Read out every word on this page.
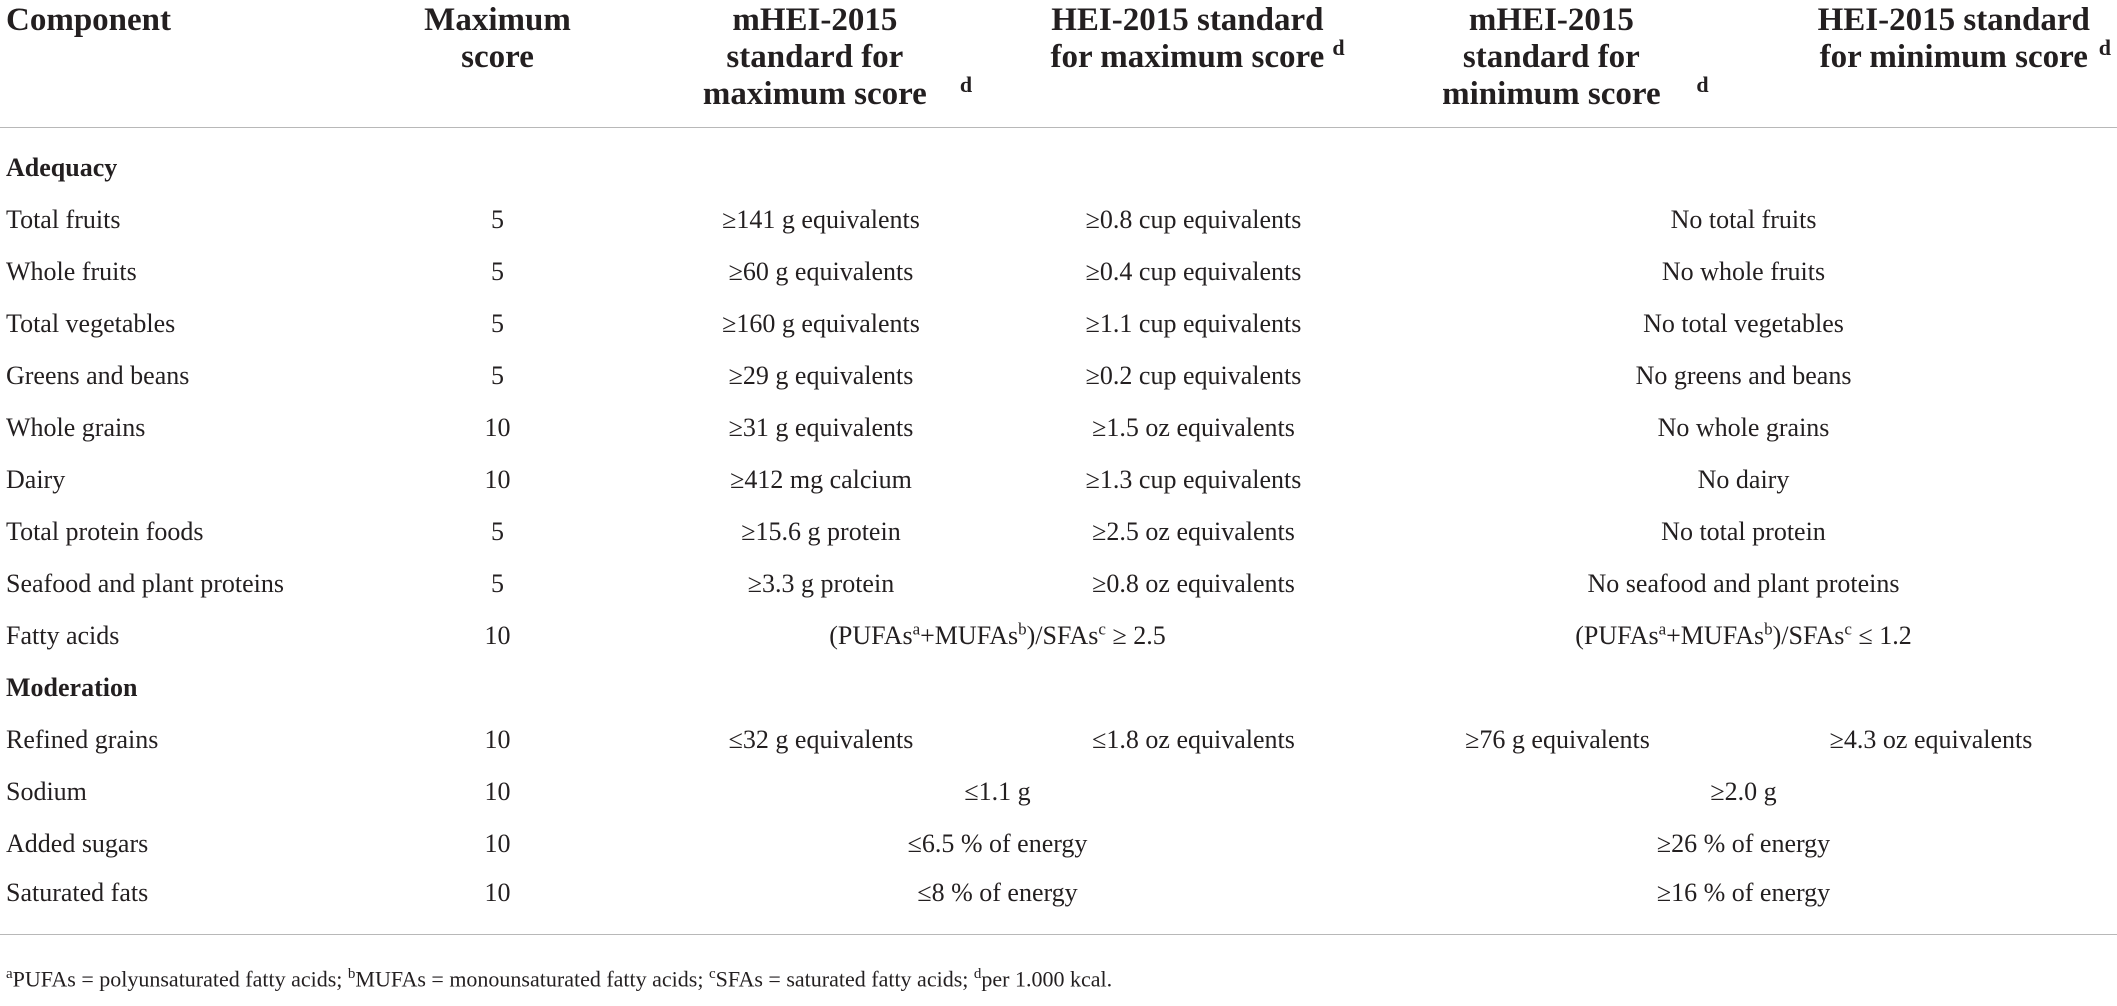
Component	Maximum score	mHEI-2015 standard for maximum score $^d$	HEI-2015 standard for maximum score $^d$	mHEI-2015 standard for minimum score $^d$	HEI-2015 standard for minimum score $^d$
Adequacy					
Total fruits	5	≥141 g equivalents	≥0.8 cup equivalents	No total fruits	
Whole fruits	5	≥60 g equivalents	≥0.4 cup equivalents	No whole fruits	
Total vegetables	5	≥160 g equivalents	≥1.1 cup equivalents	No total vegetables	
Greens and beans	5	≥29 g equivalents	≥0.2 cup equivalents	No greens and beans	
Whole grains	10	≥31 g equivalents	≥1.5 oz equivalents	No whole grains	
Dairy	10	≥412 mg calcium	≥1.3 cup equivalents	No dairy	
Total protein foods	5	≥15.6 g protein	≥2.5 oz equivalents	No total protein	
Seafood and plant proteins	5	≥3.3 g protein	≥0.8 oz equivalents	No seafood and plant proteins	
Fatty acids	10	(PUFAs$^a$+MUFAs$^b$)/SFAs$^c$ ≥ 2.5		(PUFAs$^a$+MUFAs$^b$)/SFAs$^c$ ≤ 1.2	
Moderation					
Refined grains	10	≤32 g equivalents	≤1.8 oz equivalents	≥76 g equivalents	≥4.3 oz equivalents
Sodium	10	≤1.1 g		≥2.0 g	
Added sugars	10	≤6.5 % of energy		≥26 % of energy	
Saturated fats	10	≤8 % of energy		≥16 % of energy	
$^a$PUFAs = polyunsaturated fatty acids; $^b$MUFAs = monounsaturated fatty acids; $^c$SFAs = saturated fatty acids; $^d$per 1.000 kcal.
